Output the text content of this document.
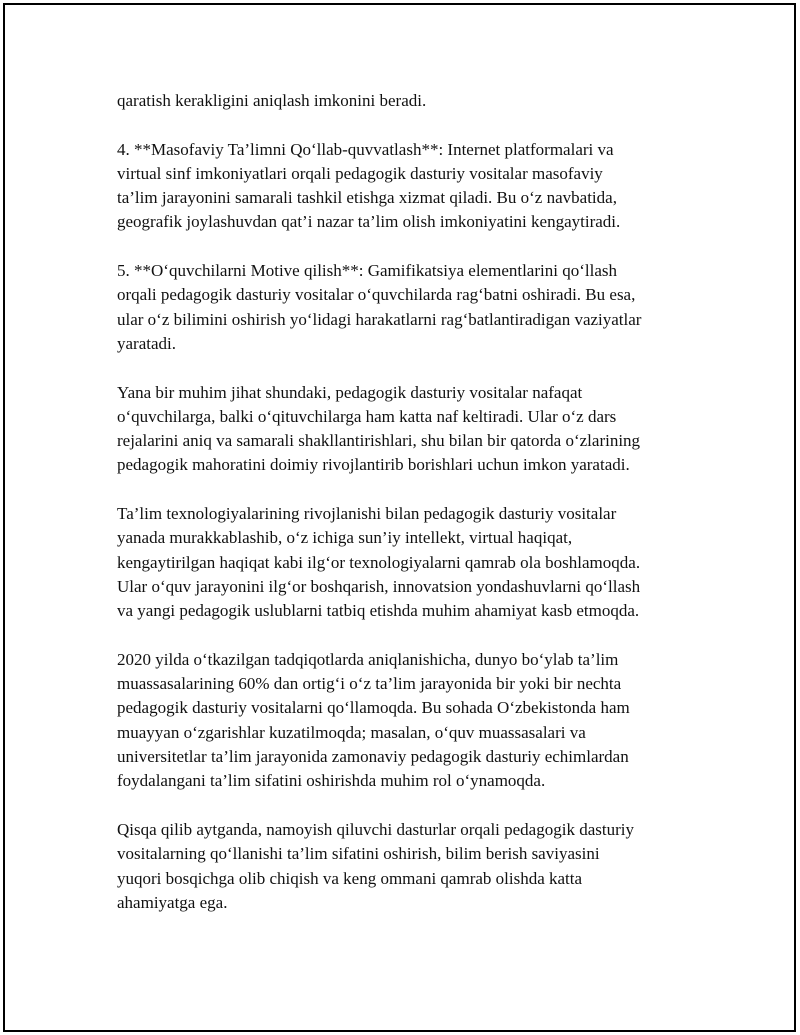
qaratish kerakligini aniqlash imkonini beradi.
4. **Masofaviy Ta’limni Qo‘llab-quvvatlash**: Internet platformalari va
virtual sinf imkoniyatlari orqali pedagogik dasturiy vositalar masofaviy
ta’lim jarayonini samarali tashkil etishga xizmat qiladi. Bu o‘z navbatida,
geografik joylashuvdan qat’i nazar ta’lim olish imkoniyatini kengaytiradi.
5. **O‘quvchilarni Motive qilish**: Gamifikatsiya elementlarini qo‘llash
orqali pedagogik dasturiy vositalar o‘quvchilarda rag‘batni oshiradi. Bu esa,
ular o‘z bilimini oshirish yo‘lidagi harakatlarni rag‘batlantiradigan vaziyatlar
yaratadi.
Yana bir muhim jihat shundaki, pedagogik dasturiy vositalar nafaqat
o‘quvchilarga, balki o‘qituvchilarga ham katta naf keltiradi. Ular o‘z dars
rejalarini aniq va samarali shakllantirishlari, shu bilan bir qatorda o‘zlarining
pedagogik mahoratini doimiy rivojlantirib borishlari uchun imkon yaratadi.
Ta’lim texnologiyalarining rivojlanishi bilan pedagogik dasturiy vositalar
yanada murakkablashib, o‘z ichiga sun’iy intellekt, virtual haqiqat,
kengaytirilgan haqiqat kabi ilg‘or texnologiyalarni qamrab ola boshlamoqda.
Ular o‘quv jarayonini ilg‘or boshqarish, innovatsion yondashuvlarni qo‘llash
va yangi pedagogik uslublarni tatbiq etishda muhim ahamiyat kasb etmoqda.
2020 yilda o‘tkazilgan tadqiqotlarda aniqlanishicha, dunyo bo‘ylab ta’lim
muassasalarining 60% dan ortig‘i o‘z ta’lim jarayonida bir yoki bir nechta
pedagogik dasturiy vositalarni qo‘llamoqda. Bu sohada O‘zbekistonda ham
muayyan o‘zgarishlar kuzatilmoqda; masalan, o‘quv muassasalari va
universitetlar ta’lim jarayonida zamonaviy pedagogik dasturiy echimlardan
foydalangani ta’lim sifatini oshirishda muhim rol o‘ynamoqda.
Qisqa qilib aytganda, namoyish qiluvchi dasturlar orqali pedagogik dasturiy
vositalarning qo‘llanishi ta’lim sifatini oshirish, bilim berish saviyasini
yuqori bosqichga olib chiqish va keng ommani qamrab olishda katta
ahamiyatga ega.
